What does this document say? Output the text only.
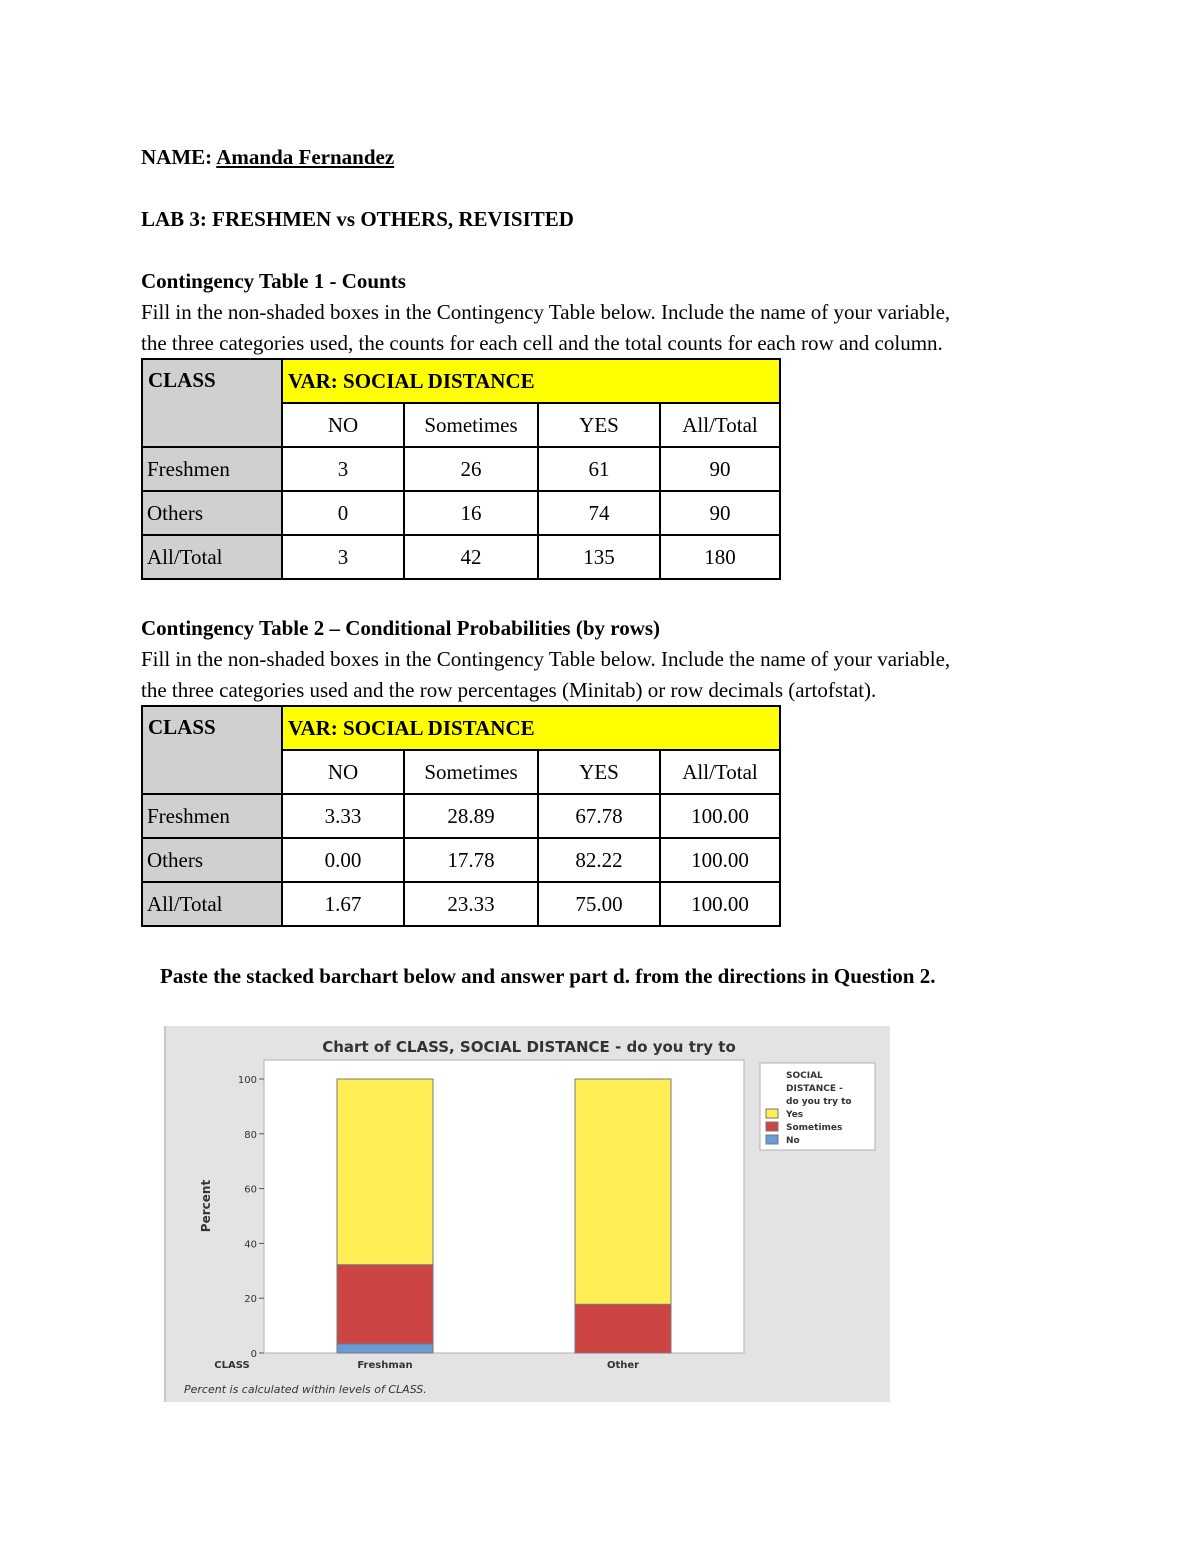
NAME: Amanda Fernandez
LAB 3: FRESHMEN vs OTHERS, REVISITED
Contingency Table 1 - Counts
Fill in the non-shaded boxes in the Contingency Table below. Include the name of your variable,
the three categories used, the counts for each cell and the total counts for each row and column.
CLASS	VAR: SOCIAL DISTANCE			
	NO	Sometimes	YES	All/Total
Freshmen	3	26	61	90
Others	0	16	74	90
All/Total	3	42	135	180
Contingency Table 2 – Conditional Probabilities (by rows)
Fill in the non-shaded boxes in the Contingency Table below. Include the name of your variable,
the three categories used and the row percentages (Minitab) or row decimals (artofstat).
CLASS	VAR: SOCIAL DISTANCE			
	NO	Sometimes	YES	All/Total
Freshmen	3.33	28.89	67.78	100.00
Others	0.00	17.78	82.22	100.00
All/Total	1.67	23.33	75.00	100.00
Paste the stacked barchart below and answer part d. from the directions in Question 2.
Chart of CLASS, SOCIAL DISTANCE - do you try to
0
20
40
60
80
100
Percent
Freshman	Other
CLASS
Percent is calculated within levels of CLASS.
SOCIAL
DISTANCE -
do you try to
Yes
Sometimes
No
